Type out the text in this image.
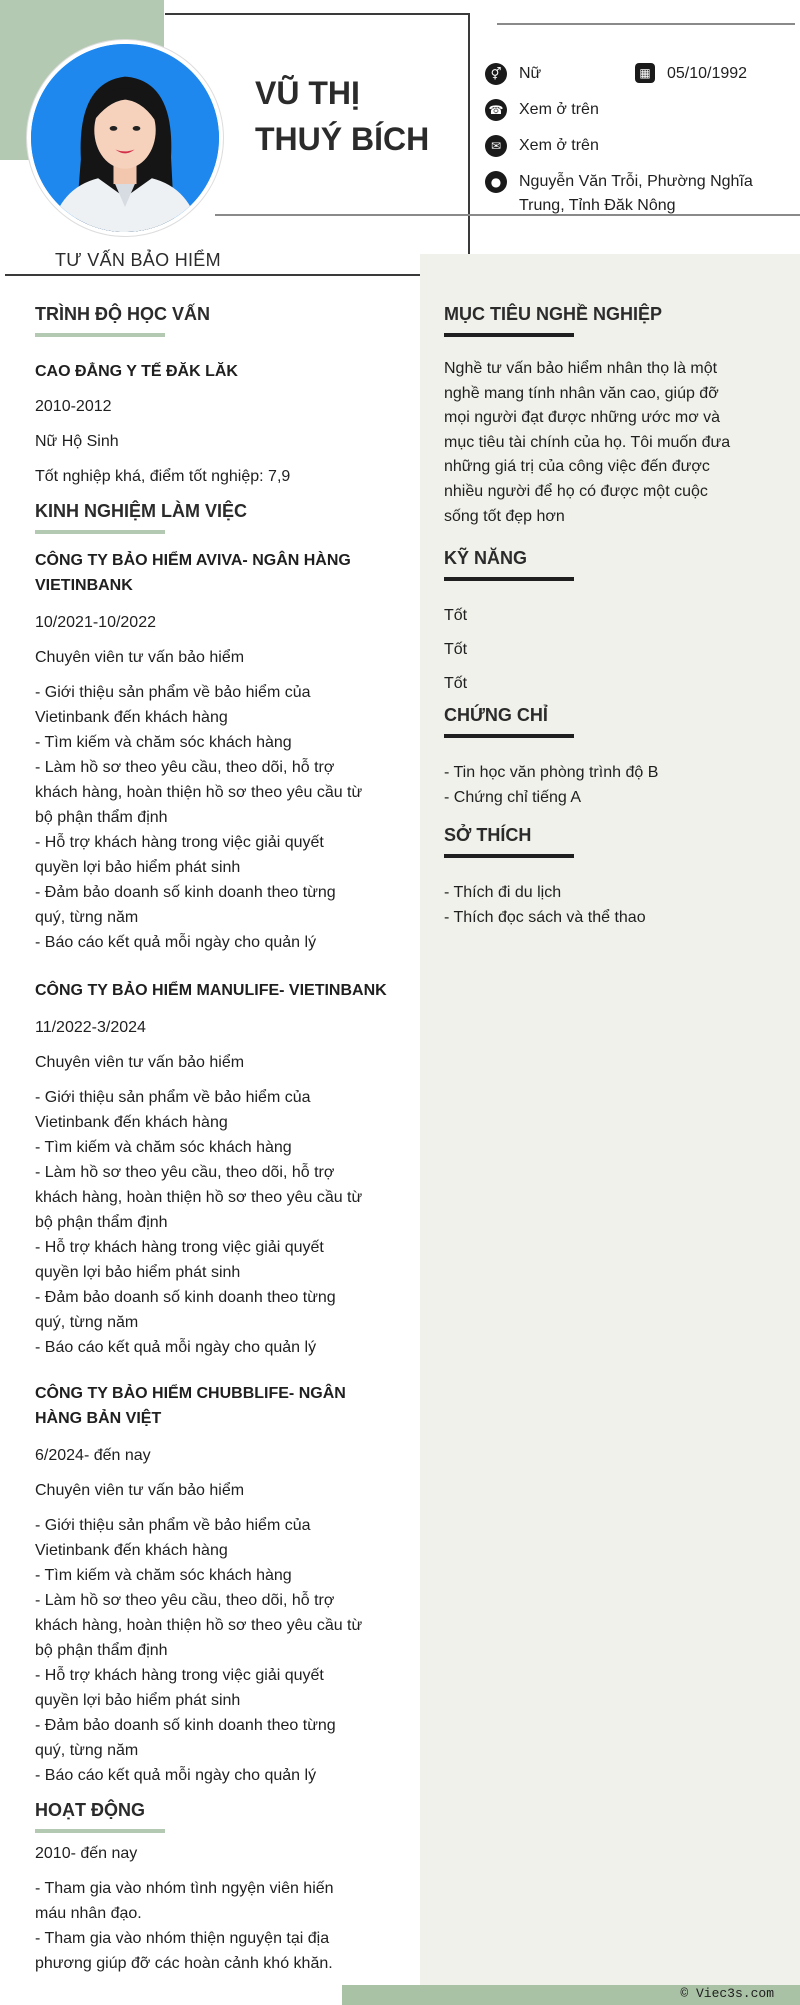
VŨ THỊ
THUÝ BÍCH
TƯ VẤN BẢO HIỂM
⚥	Nữ	▦ 05/10/1992
☎ Xem ở trên
✉	Xem ở trên
●	Nguyễn Văn Trỗi, Phường Nghĩa
Trung, Tỉnh Đăk Nông
MỤC TIÊU NGHỀ NGHIỆP
Nghề tư vấn bảo hiểm nhân thọ là một
nghề mang tính nhân văn cao, giúp đỡ
mọi người đạt được những ước mơ và
mục tiêu tài chính của họ. Tôi muốn đưa
những giá trị của công việc đến được
nhiều người để họ có được một cuộc
sống tốt đẹp hơn
KỸ NĂNG
Tốt
Tốt
Tốt
CHỨNG CHỈ
- Tin học văn phòng trình độ B
- Chứng chỉ tiếng A
SỞ THÍCH
- Thích đi du lịch
- Thích đọc sách và thể thao
TRÌNH ĐỘ HỌC VẤN
CAO ĐẲNG Y TẾ ĐĂK LĂK
2010-2012
Nữ Hộ Sinh
Tốt nghiệp khá, điểm tốt nghiệp: 7,9
KINH NGHIỆM LÀM VIỆC
CÔNG TY BẢO HIỂM AVIVA- NGÂN HÀNG
VIETINBANK
10/2021-10/2022
Chuyên viên tư vấn bảo hiểm
- Giới thiệu sản phẩm về bảo hiểm của
Vietinbank đến khách hàng
- Tìm kiếm và chăm sóc khách hàng
- Làm hồ sơ theo yêu cầu, theo dõi, hỗ trợ
khách hàng, hoàn thiện hồ sơ theo yêu cầu từ
bộ phận thẩm định
- Hỗ trợ khách hàng trong việc giải quyết
quyền lợi bảo hiểm phát sinh
- Đảm bảo doanh số kinh doanh theo từng
quý, từng năm
- Báo cáo kết quả mỗi ngày cho quản lý
CÔNG TY BẢO HIỂM MANULIFE- VIETINBANK
11/2022-3/2024
Chuyên viên tư vấn bảo hiểm
- Giới thiệu sản phẩm về bảo hiểm của
Vietinbank đến khách hàng
- Tìm kiếm và chăm sóc khách hàng
- Làm hồ sơ theo yêu cầu, theo dõi, hỗ trợ
khách hàng, hoàn thiện hồ sơ theo yêu cầu từ
bộ phận thẩm định
- Hỗ trợ khách hàng trong việc giải quyết
quyền lợi bảo hiểm phát sinh
- Đảm bảo doanh số kinh doanh theo từng
quý, từng năm
- Báo cáo kết quả mỗi ngày cho quản lý
CÔNG TY BẢO HIỂM CHUBBLIFE- NGÂN
HÀNG BẢN VIỆT
6/2024- đến nay
Chuyên viên tư vấn bảo hiểm
- Giới thiệu sản phẩm về bảo hiểm của
Vietinbank đến khách hàng
- Tìm kiếm và chăm sóc khách hàng
- Làm hồ sơ theo yêu cầu, theo dõi, hỗ trợ
khách hàng, hoàn thiện hồ sơ theo yêu cầu từ
bộ phận thẩm định
- Hỗ trợ khách hàng trong việc giải quyết
quyền lợi bảo hiểm phát sinh
- Đảm bảo doanh số kinh doanh theo từng
quý, từng năm
- Báo cáo kết quả mỗi ngày cho quản lý
HOẠT ĐỘNG
2010- đến nay
- Tham gia vào nhóm tình ngyện viên hiến
máu nhân đạo.
- Tham gia vào nhóm thiện nguyện tại địa
phương giúp đỡ các hoàn cảnh khó khăn.
© Viec3s.com
